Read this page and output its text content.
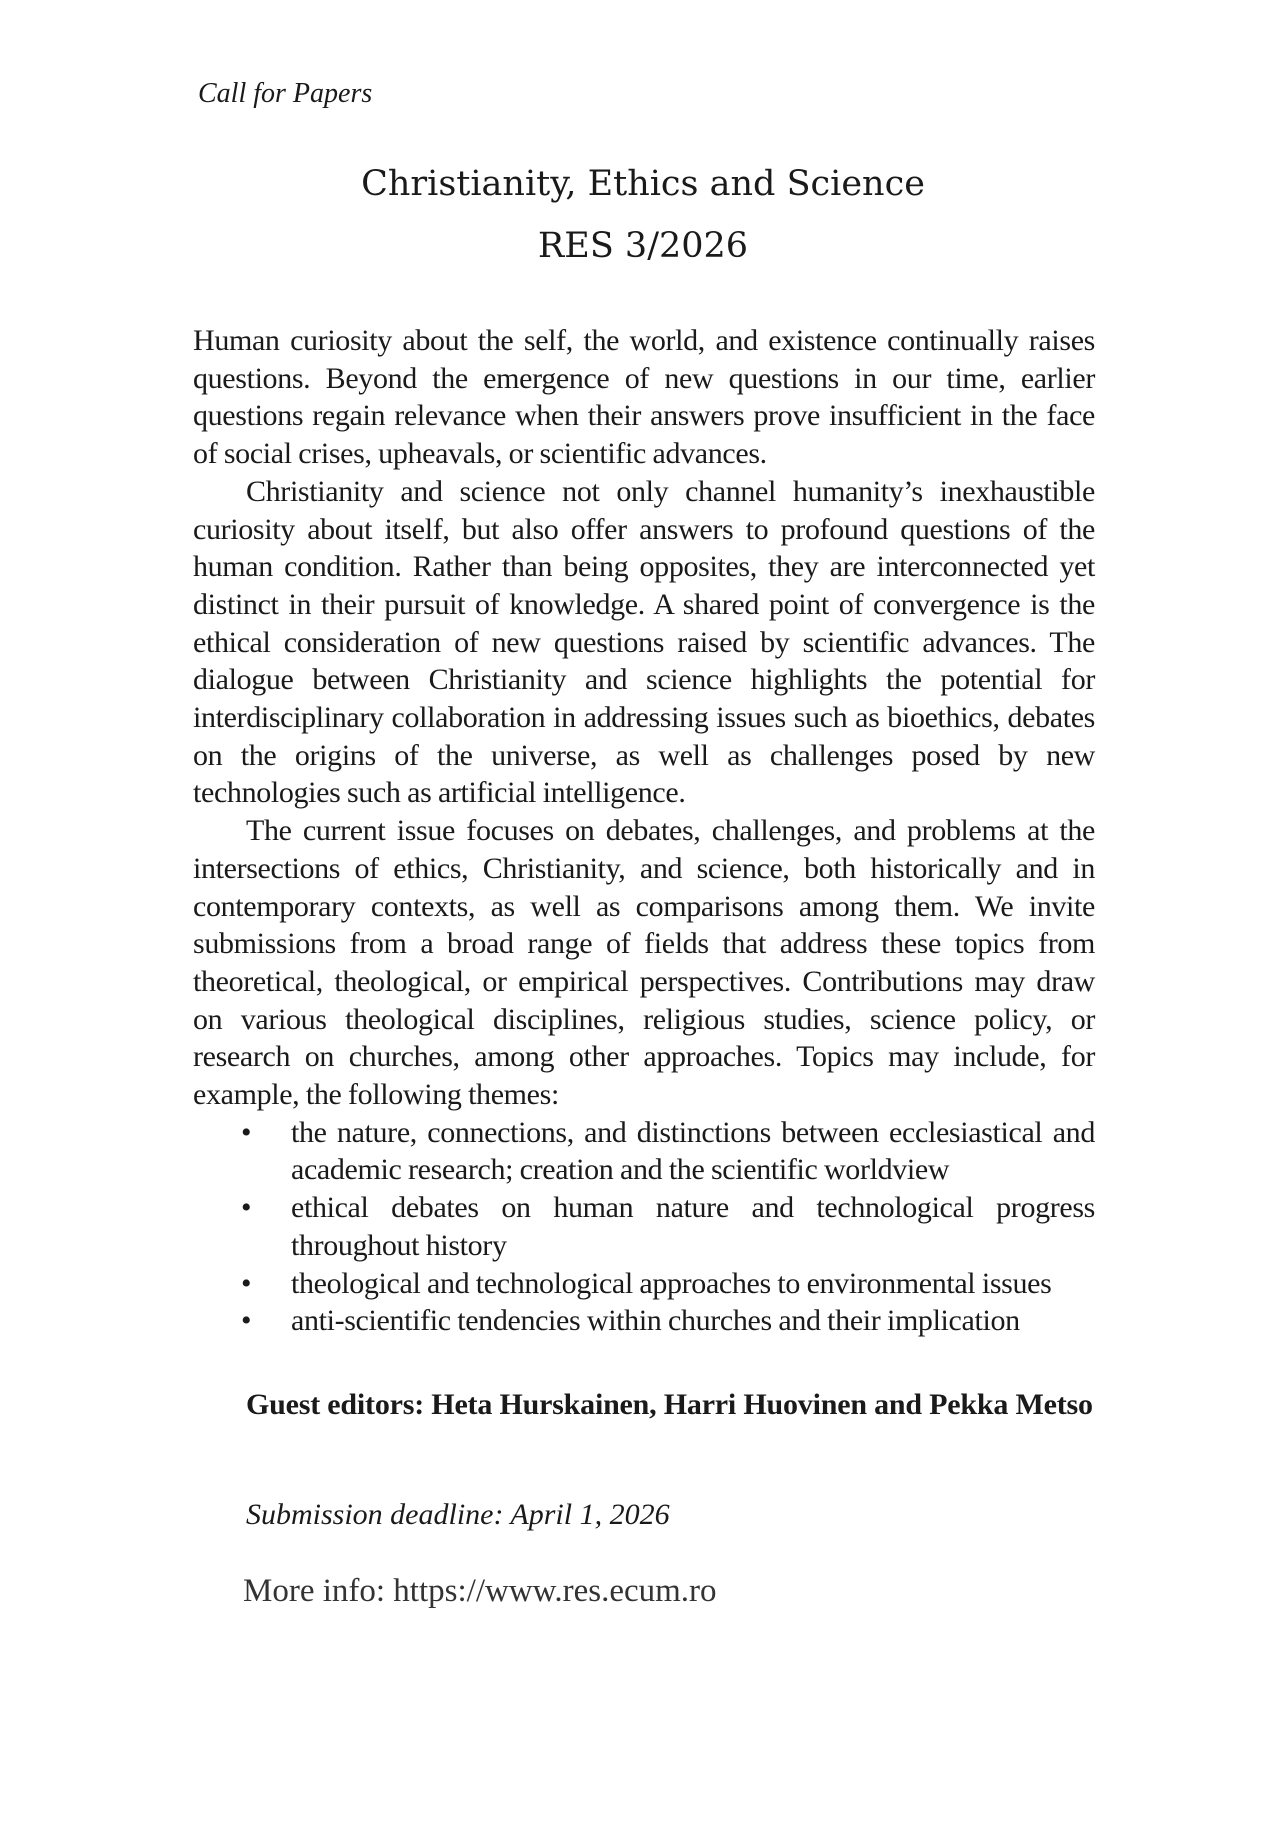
Call for Papers

Christianity, Ethics and Science
RES 3/2026

Human curiosity about the self, the world, and existence continually raises questions. Beyond the emergence of new questions in our time, earlier questions regain relevance when their answers prove insufficient in the face of social crises, upheavals, or scientific advances.

Christianity and science not only channel humanity’s inexhaustible curiosity about itself, but also offer answers to profound questions of the human condition. Rather than being opposites, they are interconnected yet distinct in their pursuit of knowledge. A shared point of convergence is the ethical consideration of new questions raised by scientific advances. The dialogue between Christianity and science highlights the potential for interdisciplinary collaboration in addressing issues such as bioethics, debates on the origins of the universe, as well as challenges posed by new technologies such as artificial intelligence.

The current issue focuses on debates, challenges, and problems at the intersections of ethics, Christianity, and science, both historically and in contemporary contexts, as well as comparisons among them. We invite submissions from a broad range of fields that address these topics from theoretical, theological, or empirical perspectives. Contributions may draw on various theological disciplines, religious studies, science policy, or research on churches, among other approaches. Topics may include, for example, the following themes:

• the nature, connections, and distinctions between ecclesiastical and academic research; creation and the scientific worldview
• ethical debates on human nature and technological progress throughout history
• theological and technological approaches to environmental issues
• anti-scientific tendencies within churches and their implication

Guest editors: Heta Hurskainen, Harri Huovinen and Pekka Metso

Submission deadline: April 1, 2026

More info: https://www.res.ecum.ro
